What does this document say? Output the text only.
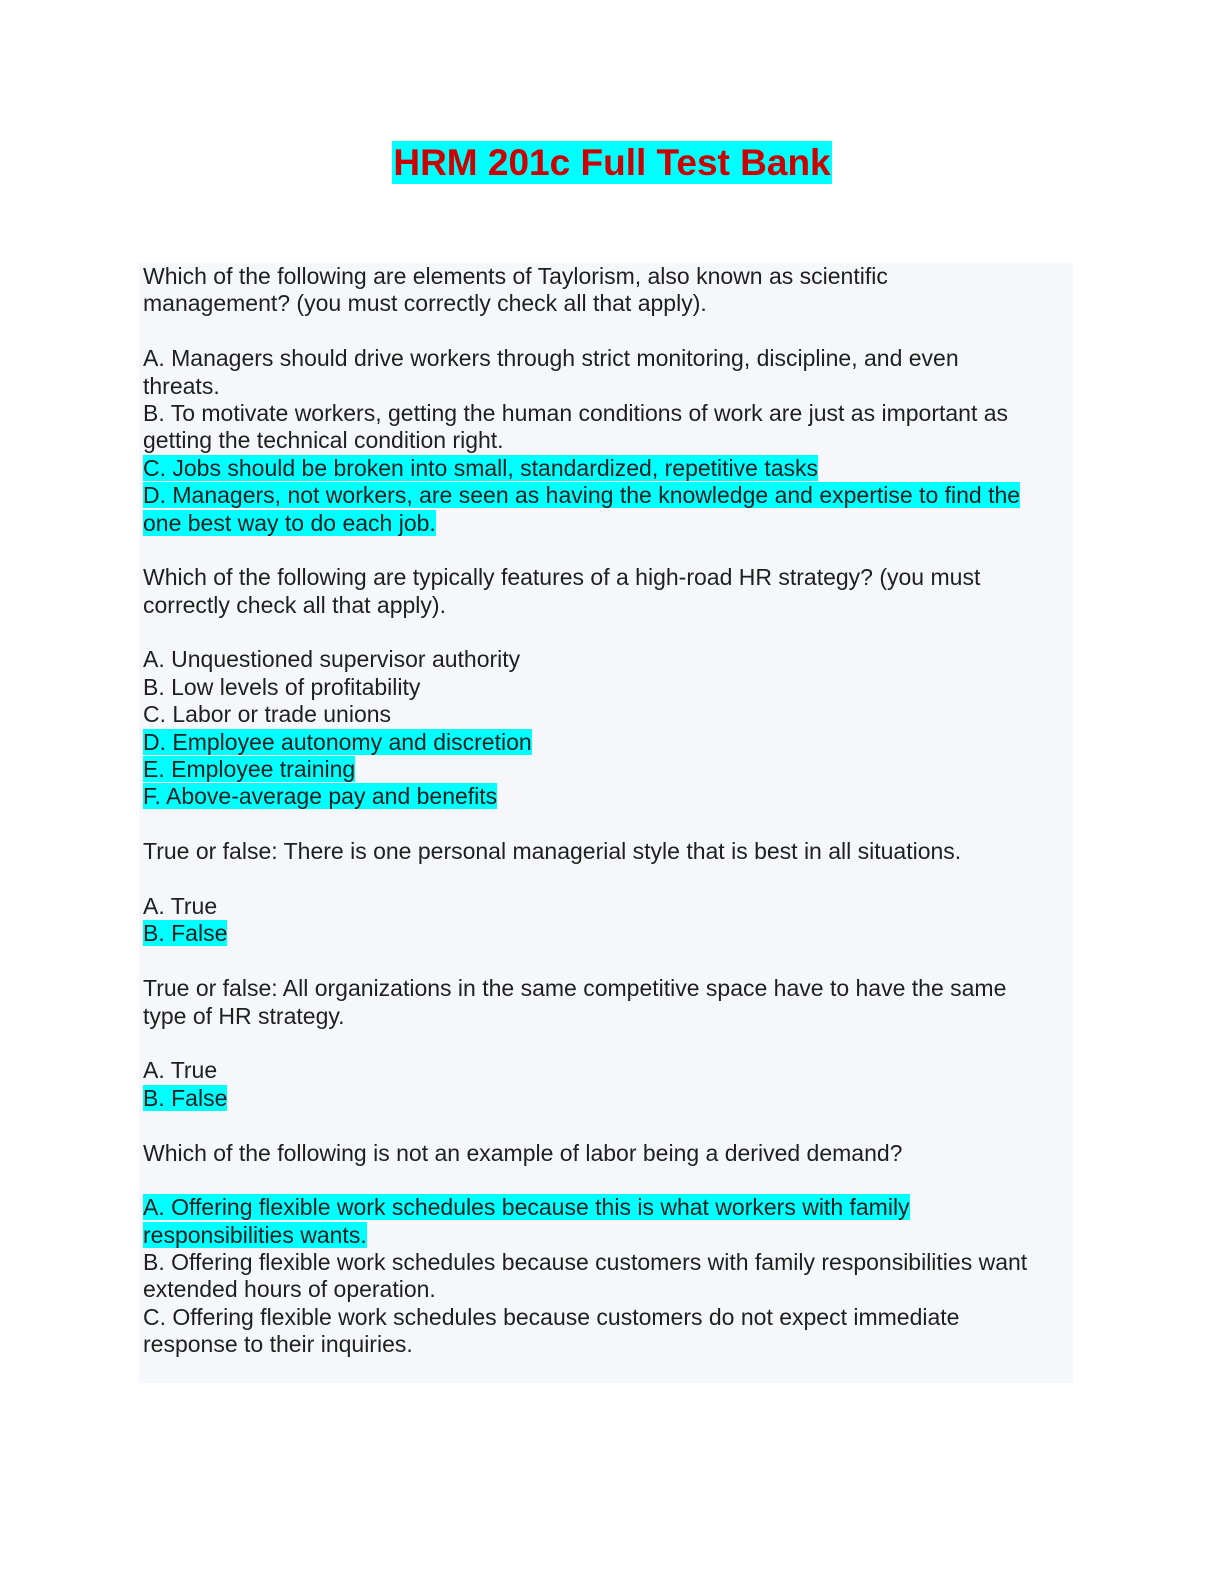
HRM 201c Full Test Bank
Which of the following are elements of Taylorism, also known as scientific
management? (you must correctly check all that apply).
A. Managers should drive workers through strict monitoring, discipline, and even
threats.
B. To motivate workers, getting the human conditions of work are just as important as
getting the technical condition right.
C. Jobs should be broken into small, standardized, repetitive tasks
D. Managers, not workers, are seen as having the knowledge and expertise to find the
one best way to do each job.
Which of the following are typically features of a high-road HR strategy? (you must
correctly check all that apply).
A. Unquestioned supervisor authority
B. Low levels of profitability
C. Labor or trade unions
D. Employee autonomy and discretion
E. Employee training
F. Above-average pay and benefits
True or false: There is one personal managerial style that is best in all situations.
A. True
B. False
True or false: All organizations in the same competitive space have to have the same
type of HR strategy.
A. True
B. False
Which of the following is not an example of labor being a derived demand?
A. Offering flexible work schedules because this is what workers with family
responsibilities wants.
B. Offering flexible work schedules because customers with family responsibilities want
extended hours of operation.
C. Offering flexible work schedules because customers do not expect immediate
response to their inquiries.
